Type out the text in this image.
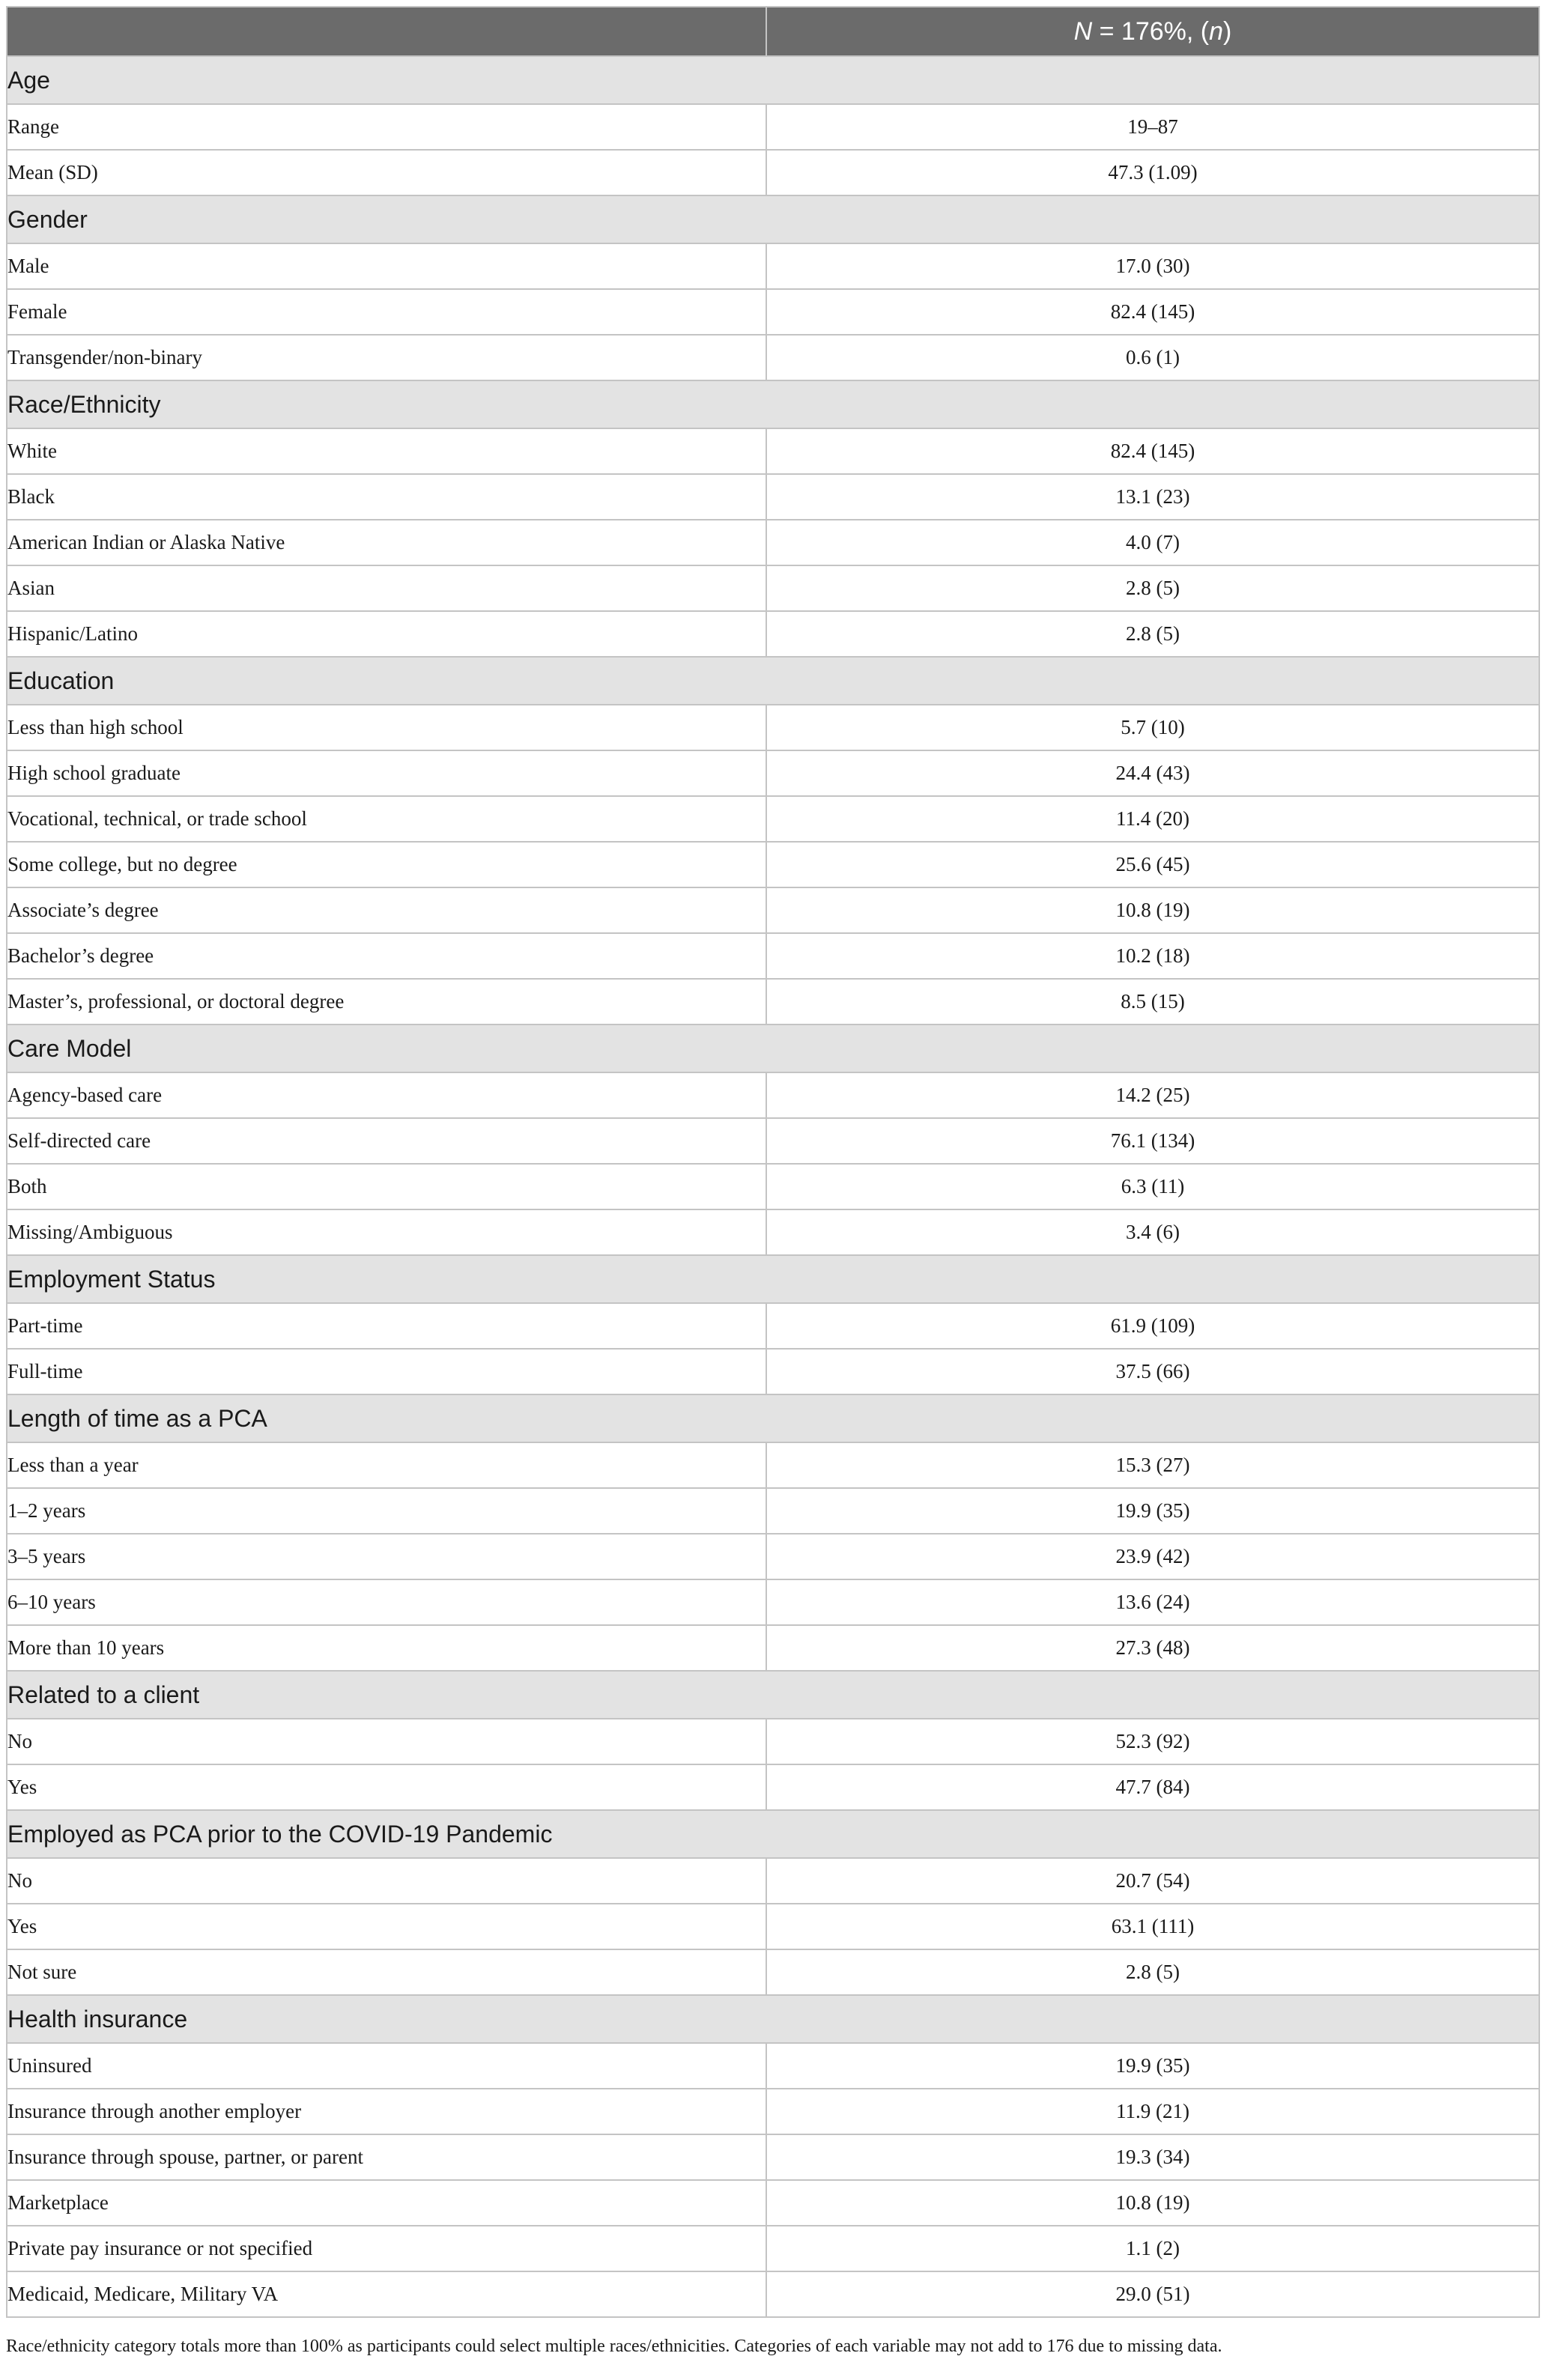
	N = 176%, (n)
Age	
Range	19–87
Mean (SD)	47.3 (1.09)
Gender	
Male	17.0 (30)
Female	82.4 (145)
Transgender/non-binary	0.6 (1)
Race/Ethnicity	
White	82.4 (145)
Black	13.1 (23)
American Indian or Alaska Native	4.0 (7)
Asian	2.8 (5)
Hispanic/Latino	2.8 (5)
Education	
Less than high school	5.7 (10)
High school graduate	24.4 (43)
Vocational, technical, or trade school	11.4 (20)
Some college, but no degree	25.6 (45)
Associate’s degree	10.8 (19)
Bachelor’s degree	10.2 (18)
Master’s, professional, or doctoral degree	8.5 (15)
Care Model	
Agency-based care	14.2 (25)
Self-directed care	76.1 (134)
Both	6.3 (11)
Missing/Ambiguous	3.4 (6)
Employment Status	
Part-time	61.9 (109)
Full-time	37.5 (66)
Length of time as a PCA	
Less than a year	15.3 (27)
1–2 years	19.9 (35)
3–5 years	23.9 (42)
6–10 years	13.6 (24)
More than 10 years	27.3 (48)
Related to a client	
No	52.3 (92)
Yes	47.7 (84)
Employed as PCA prior to the COVID-19 Pandemic	
No	20.7 (54)
Yes	63.1 (111)
Not sure	2.8 (5)
Health insurance	
Uninsured	19.9 (35)
Insurance through another employer	11.9 (21)
Insurance through spouse, partner, or parent	19.3 (34)
Marketplace	10.8 (19)
Private pay insurance or not specified	1.1 (2)
Medicaid, Medicare, Military VA	29.0 (51)
Race/ethnicity category totals more than 100% as participants could select multiple races/ethnicities. Categories of each variable may not add to 176 due to missing data.
